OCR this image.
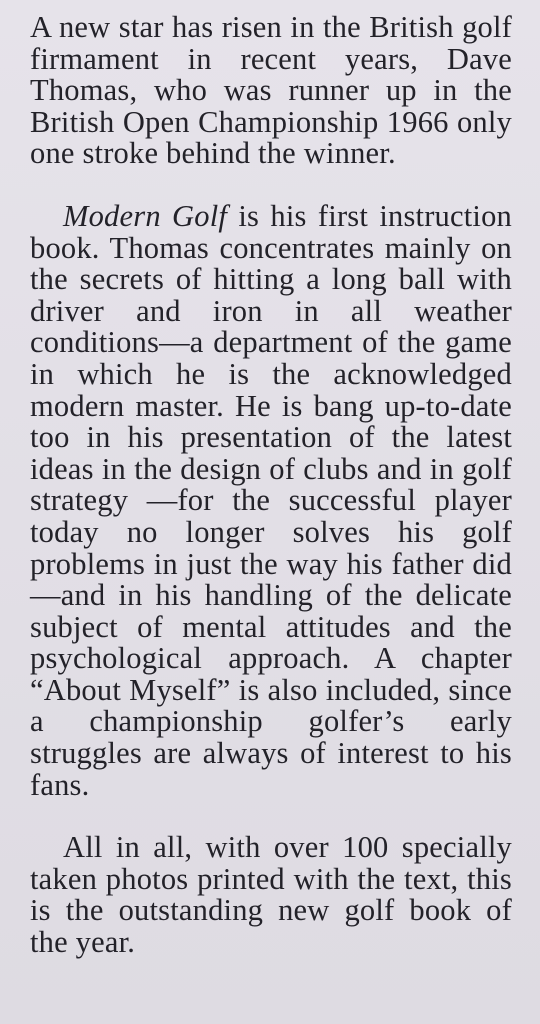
A new star has risen in the British golf firmament in recent years, Dave Thomas, who was runner up in the British Open Championship 1966 only one stroke behind the winner.

Modern Golf is his first instruction book. Thomas concentrates mainly on the secrets of hitting a long ball with driver and iron in all weather conditions—a department of the game in which he is the acknowledged modern master. He is bang up-to-date too in his presentation of the latest ideas in the design of clubs and in golf strategy —for the successful player today no longer solves his golf problems in just the way his father did—and in his handling of the delicate subject of mental attitudes and the psychological approach. A chapter “About Myself” is also included, since a championship golfer’s early struggles are always of interest to his fans.

All in all, with over 100 specially taken photos printed with the text, this is the outstanding new golf book of the year.
